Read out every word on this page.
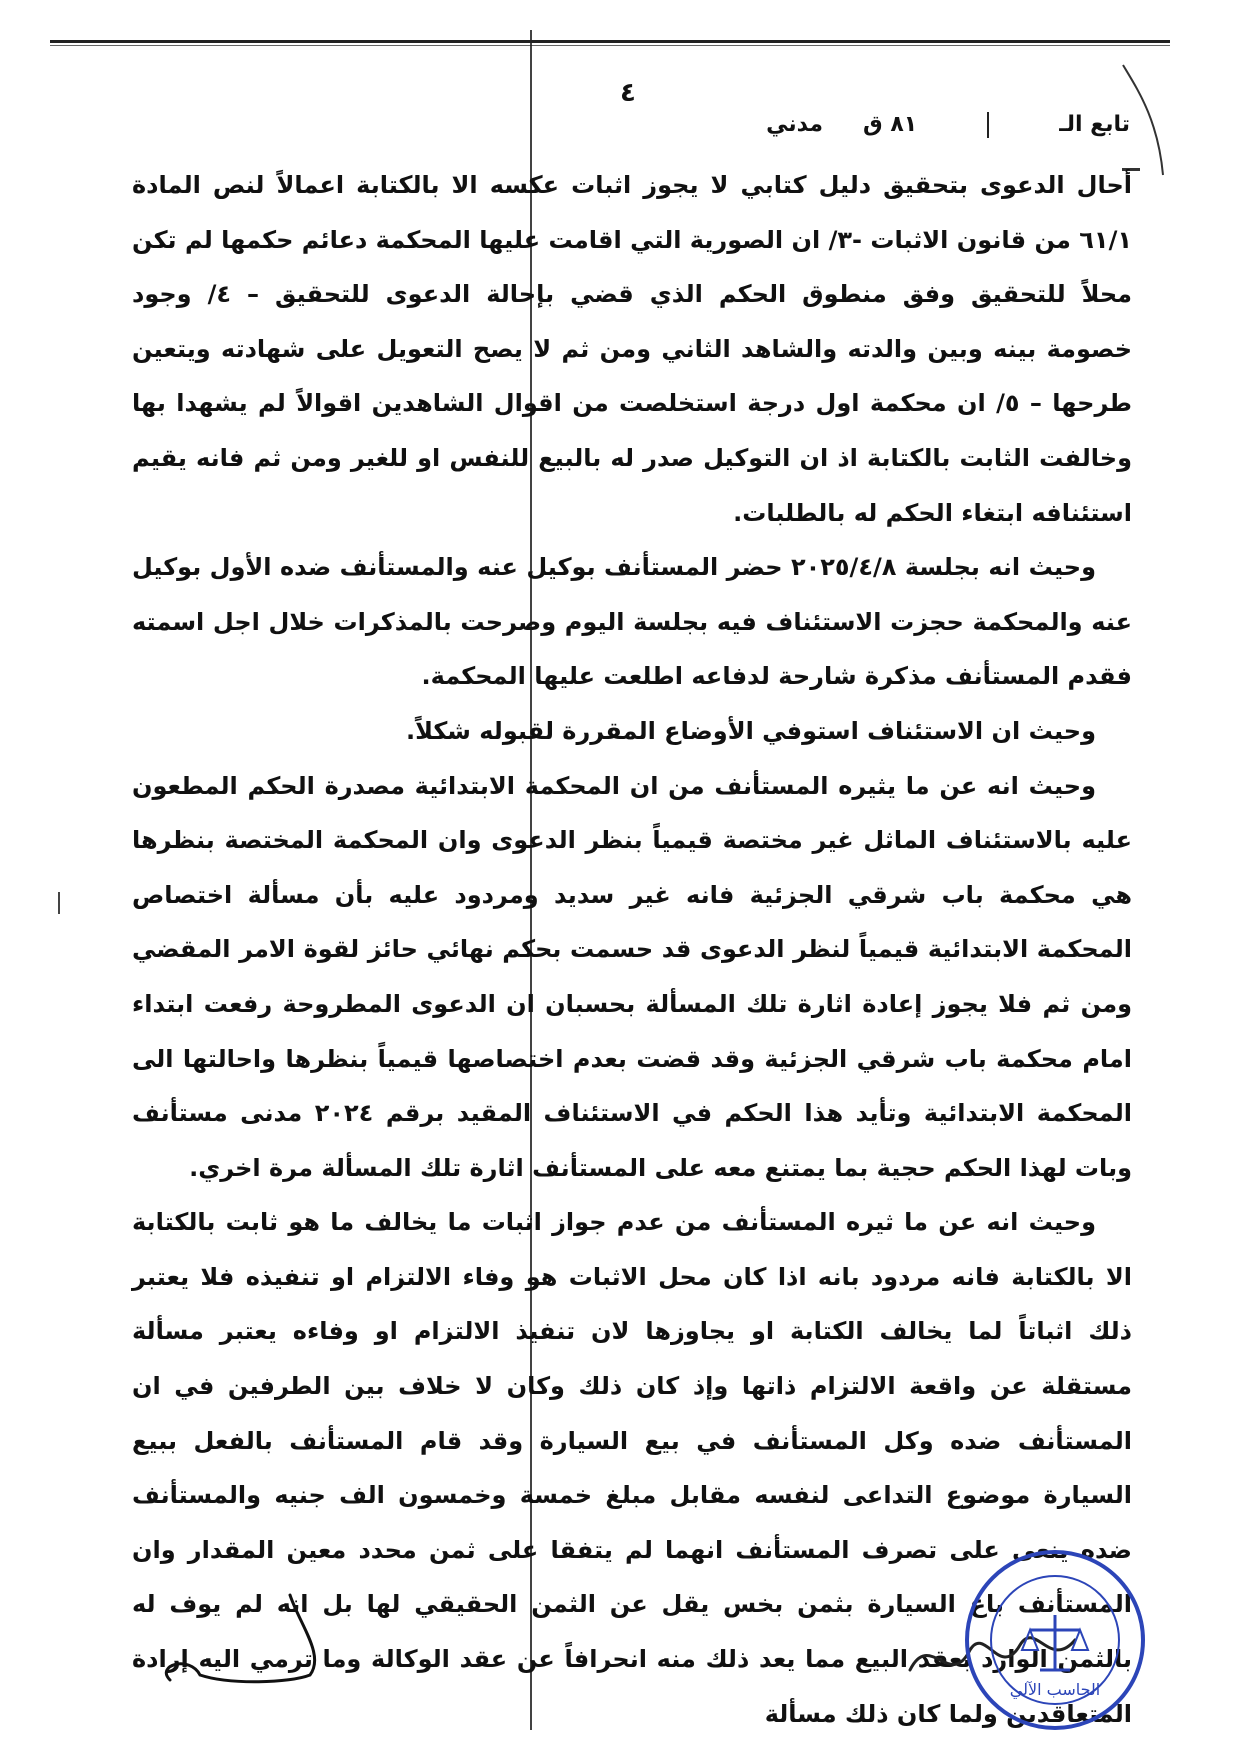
٤
تابع الـ
٨١ ق
مدني

أحال الدعوى بتحقيق دليل كتابي لا يجوز اثبات عكسه الا بالكتابة اعمالاً لنص المادة ٦١/١ من قانون الاثبات -٣/ ان الصورية التي اقامت عليها المحكمة دعائم حكمها لم تكن محلاً للتحقيق وفق منطوق الحكم الذي قضي بإحالة الدعوى للتحقيق – ٤/ وجود خصومة بينه وبين والدته والشاهد الثاني ومن ثم لا يصح التعويل على شهادته ويتعين طرحها – ٥/ ان محكمة اول درجة استخلصت من اقوال الشاهدين اقوالاً لم يشهدا بها وخالفت الثابت بالكتابة اذ ان التوكيل صدر له بالبيع للنفس او للغير ومن ثم فانه يقيم استئنافه ابتغاء الحكم له بالطلبات.

وحيث انه بجلسة ٢٠٢٥/٤/٨ حضر المستأنف بوكيل عنه والمستأنف ضده الأول بوكيل عنه والمحكمة حجزت الاستئناف فيه بجلسة اليوم وصرحت بالمذكرات خلال اجل اسمته فقدم المستأنف مذكرة شارحة لدفاعه اطلعت عليها المحكمة.

وحيث ان الاستئناف استوفي الأوضاع المقررة لقبوله شكلاً.

وحيث انه عن ما يثيره المستأنف من ان المحكمة الابتدائية مصدرة الحكم المطعون عليه بالاستئناف الماثل غير مختصة قيمياً بنظر الدعوى وان المحكمة المختصة بنظرها هي محكمة باب شرقي الجزئية فانه غير سديد ومردود عليه بأن مسألة اختصاص المحكمة الابتدائية قيمياً لنظر الدعوى قد حسمت بحكم نهائي حائز لقوة الامر المقضي ومن ثم فلا يجوز إعادة اثارة تلك المسألة بحسبان ان الدعوى المطروحة رفعت ابتداء امام محكمة باب شرقي الجزئية وقد قضت بعدم اختصاصها قيمياً بنظرها واحالتها الى المحكمة الابتدائية وتأيد هذا الحكم في الاستئناف المقيد برقم ٢٠٢٤ مدنى مستأنف وبات لهذا الحكم حجية بما يمتنع معه على المستأنف اثارة تلك المسألة مرة اخري.

وحيث انه عن ما ثيره المستأنف من عدم جواز اثبات ما يخالف ما هو ثابت بالكتابة الا بالكتابة فانه مردود بانه اذا كان محل الاثبات هو وفاء الالتزام او تنفيذه فلا يعتبر ذلك اثباتاً لما يخالف الكتابة او يجاوزها لان تنفيذ الالتزام او وفاءه يعتبر مسألة مستقلة عن واقعة الالتزام ذاتها وإذ كان ذلك وكان لا خلاف بين الطرفين في ان المستأنف ضده وكل المستأنف في بيع السيارة وقد قام المستأنف بالفعل ببيع السيارة موضوع التداعى لنفسه مقابل مبلغ خمسة وخمسون الف جنيه والمستأنف ضده ينعى على تصرف المستأنف انهما لم يتفقا على ثمن محدد معين المقدار وان المستأنف باع السيارة بثمن بخس يقل عن الثمن الحقيقي لها بل انه لم يوف له بالثمن الوارد بعقد البيع مما يعد ذلك منه انحرافاً عن عقد الوكالة وما ترمي اليه إرادة المتعاقدين ولما كان ذلك مسألة

الحاسب الآلي
